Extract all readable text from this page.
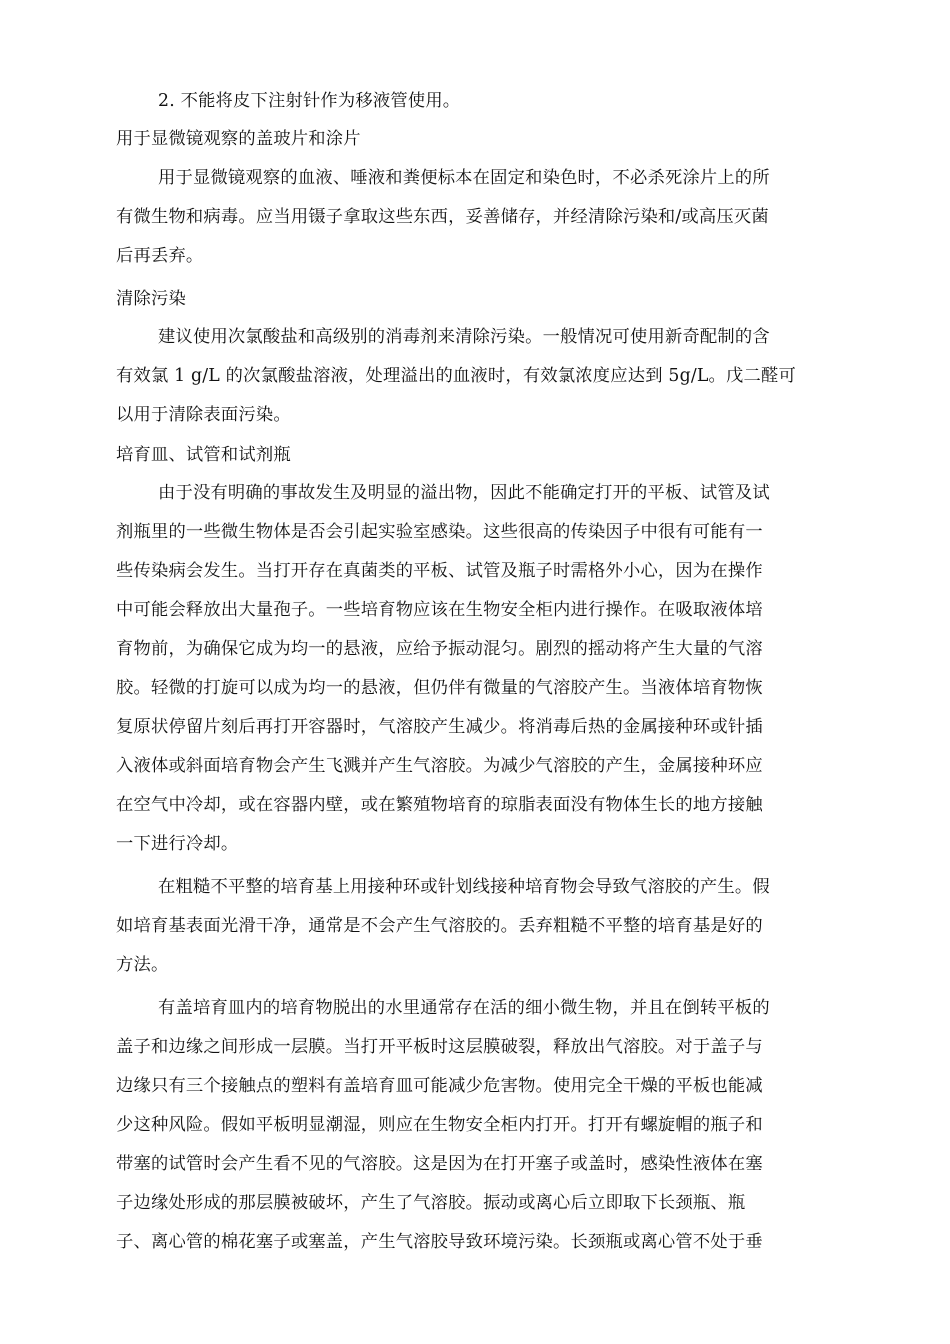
2. 不能将皮下注射针作为移液管使用。
用于显微镜观察的盖玻片和涂片
用于显微镜观察的血液、唾液和粪便标本在固定和染色时，不必杀死涂片上的所
有微生物和病毒。应当用镊子拿取这些东西，妥善储存，并经清除污染和/或高压灭菌
后再丢弃。
清除污染
建议使用次氯酸盐和高级别的消毒剂来清除污染。一般情况可使用新奇配制的含
有效氯 1 g/L 的次氯酸盐溶液，处理溢出的血液时，有效氯浓度应达到 5g/L。戊二醛可
以用于清除表面污染。
培育皿、试管和试剂瓶
由于没有明确的事故发生及明显的溢出物，因此不能确定打开的平板、试管及试
剂瓶里的一些微生物体是否会引起实验室感染。这些很高的传染因子中很有可能有一
些传染病会发生。当打开存在真菌类的平板、试管及瓶子时需格外小心，因为在操作
中可能会释放出大量孢子。一些培育物应该在生物安全柜内进行操作。在吸取液体培
育物前，为确保它成为均一的悬液，应给予振动混匀。剧烈的摇动将产生大量的气溶
胶。轻微的打旋可以成为均一的悬液，但仍伴有微量的气溶胶产生。当液体培育物恢
复原状停留片刻后再打开容器时，气溶胶产生减少。将消毒后热的金属接种环或针插
入液体或斜面培育物会产生飞溅并产生气溶胶。为减少气溶胶的产生，金属接种环应
在空气中冷却，或在容器内壁，或在繁殖物培育的琼脂表面没有物体生长的地方接触
一下进行冷却。
在粗糙不平整的培育基上用接种环或针划线接种培育物会导致气溶胶的产生。假
如培育基表面光滑干净，通常是不会产生气溶胶的。丢弃粗糙不平整的培育基是好的
方法。
有盖培育皿内的培育物脱出的水里通常存在活的细小微生物，并且在倒转平板的
盖子和边缘之间形成一层膜。当打开平板时这层膜破裂，释放出气溶胶。对于盖子与
边缘只有三个接触点的塑料有盖培育皿可能减少危害物。使用完全干燥的平板也能减
少这种风险。假如平板明显潮湿，则应在生物安全柜内打开。打开有螺旋帽的瓶子和
带塞的试管时会产生看不见的气溶胶。这是因为在打开塞子或盖时，感染性液体在塞
子边缘处形成的那层膜被破坏，产生了气溶胶。振动或离心后立即取下长颈瓶、瓶
子、离心管的棉花塞子或塞盖，产生气溶胶导致环境污染。长颈瓶或离心管不处于垂
